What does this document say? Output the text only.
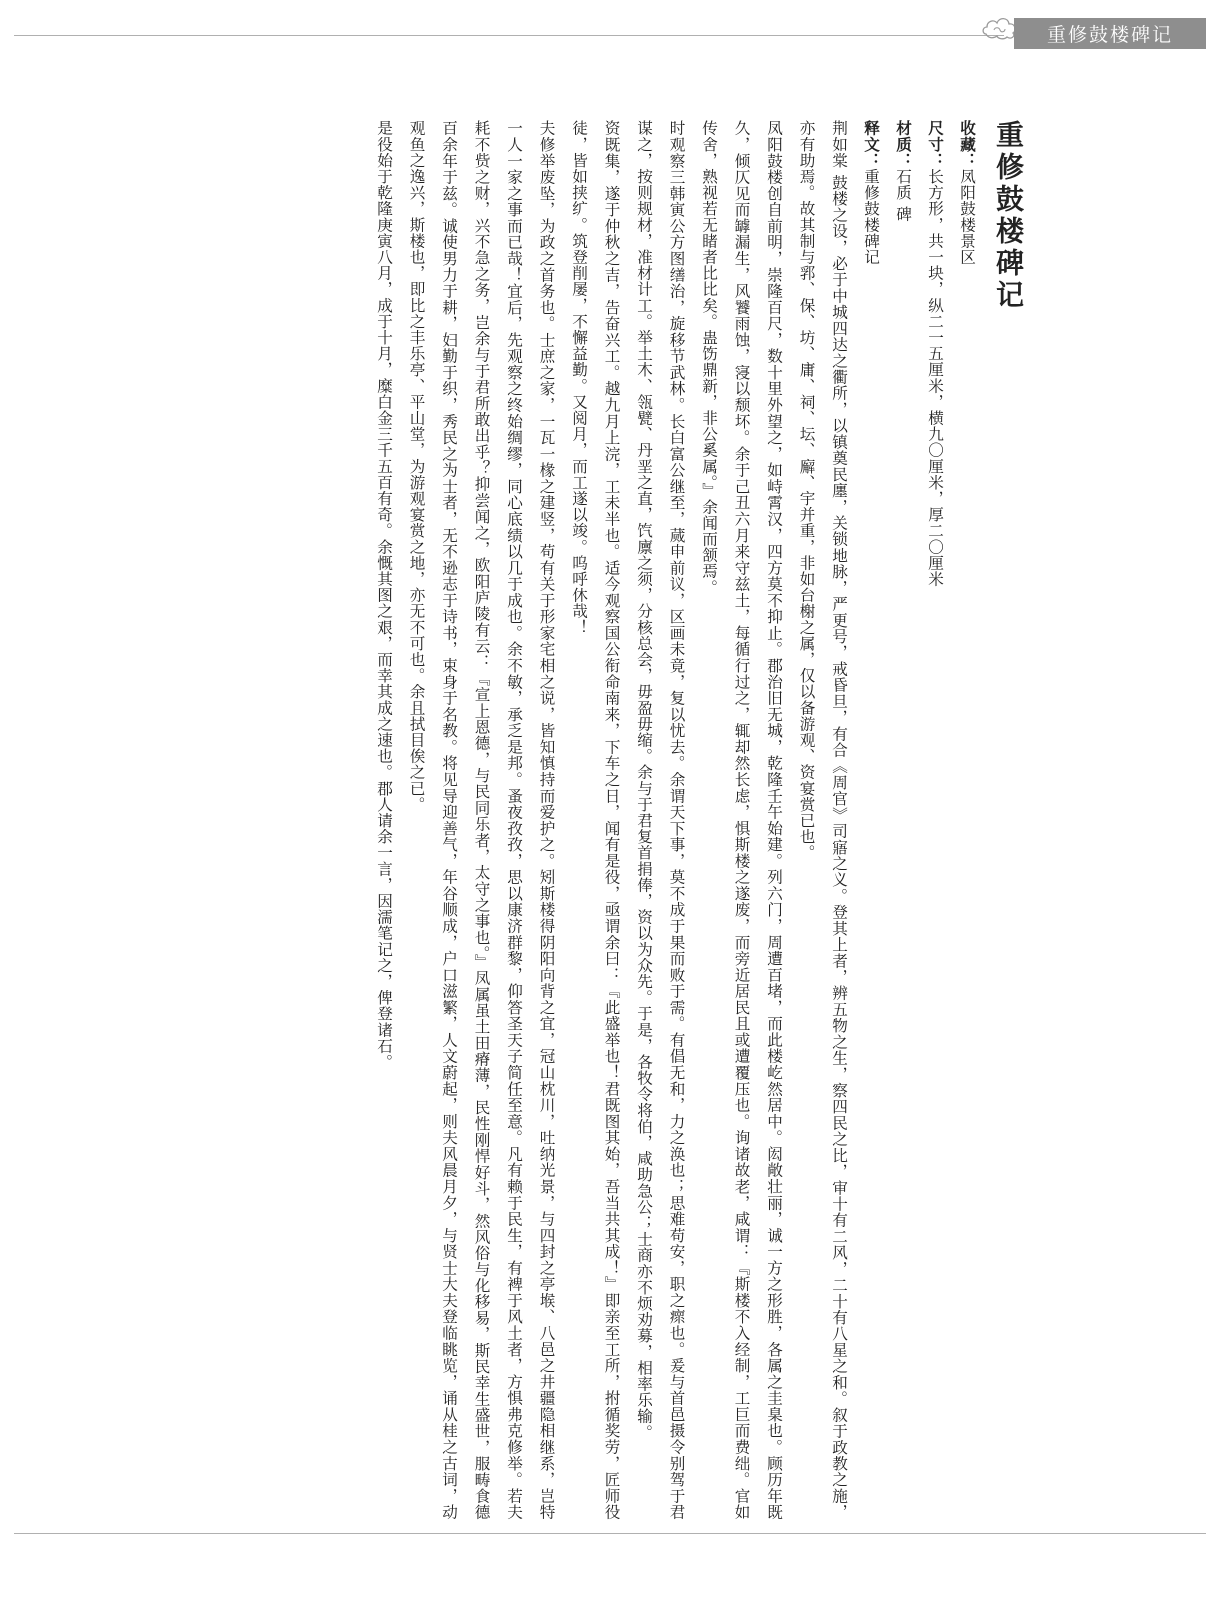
重修鼓楼碑记
重修鼓楼碑记
收藏：凤阳鼓楼景区
尺寸：长方形，共一块，纵二一五厘米，横九〇厘米，厚二〇厘米
材质：石质 碑
释文：重修鼓楼碑记

荆如棠 鼓楼之设，必于中城四达之衢所，以镇奠民廛，关锁地脉，严更号，戒昏旦，有合《周官》司寤之义。登其上者，辨五物之生，察四民之比，审十有二风，二十有八星之和。叙于政教之施，亦有助焉。故其制与郛、保、坊、庸、祠、坛、廨、宇并重，非如台榭之属，仅以备游观、资宴赏已也。

凤阳鼓楼创自前明，崇隆百尺，数十里外望之，如峙霄汉，四方莫不抑止。郡治旧无城，乾隆壬午始建。列六门，周遭百堵，而此楼屹然居中。闳敞壮丽，诚一方之形胜，各属之圭臬也。顾历年既久，倾仄见而罅漏生，风饕雨蚀，寖以颓坏。余于己丑六月来守兹土，每循行过之，辄却然长虑，惧斯楼之遂废，而旁近居民且或遭覆压也。询诸故老，咸谓：『斯楼不入经制，工巨而费绌。官如传舍，熟视若无睹者比比矣。蛊饬鼎新，非公奚属。』余闻而颔焉。

时观察三韩寅公方图缮治，旋移节武林。长白富公继至，蒇申前议，区画未竟，复以忧去。余谓天下事，莫不成于果而败于需。有倡无和，力之涣也；思难苟安，职之瘝也。爰与首邑摄令别驾于君谋之，按则规材，准材计工。举土木、瓴甓、丹垩之直，饩廪之须，分核总会，毋盈毋缩。余与于君复首捐俸，资以为众先。于是，各牧令将伯，咸助急公；士商亦不烦劝募，相率乐输。

资既集，遂于仲秋之吉，告奋兴工。越九月上浣，工未半也。适今观察国公衔命南来，下车之日，闻有是役，亟谓余曰：『此盛举也！君既图其始，吾当共其成！』即亲至工所，拊循奖劳，匠师役徒，皆如挟纩。筑登削屡，不懈益勤。又阅月，而工遂以竣。呜呼休哉！

夫修举废坠，为政之首务也。士庶之家，一瓦一椽之建竖，苟有关于形家宅相之说，皆知慎持而爱护之。矧斯楼得阴阳向背之宜，冠山枕川，吐纳光景，与四封之亭堠、八邑之井疆隐相继系，岂特一人一家之事而已哉！宜后，先观察之终始绸缪，同心底绩以几于成也。余不敏，承乏是邦。蚤夜孜孜，思以康济群黎，仰答圣天子简任至意。凡有赖于民生，有裨于风土者，方惧弗克修举。若夫耗不赀之财，兴不急之务，岂余与于君所敢出乎？抑尝闻之，欧阳庐陵有云：『宣上恩德，与民同乐者，太守之事也。』凤属虽土田瘠薄，民性刚悍好斗，然风俗与化移易，斯民幸生盛世，服畴食德百余年于兹。诚使男力于耕，妇勤于织，秀民之为士者，无不逊志于诗书，束身于名教。将见导迎善气，年谷顺成，户口滋繁，人文蔚起，则夫风晨月夕，与贤士大夫登临眺览，诵从桂之古词，动观鱼之逸兴，斯楼也，即比之丰乐亭、平山堂，为游观宴赏之地，亦无不可也。余且拭目俟之已。

是役始于乾隆庚寅八月，成于十月，糜白金三千五百有奇。余慨其图之艰，而幸其成之速也。郡人请余一言，因濡笔记之，俾登诸石。
